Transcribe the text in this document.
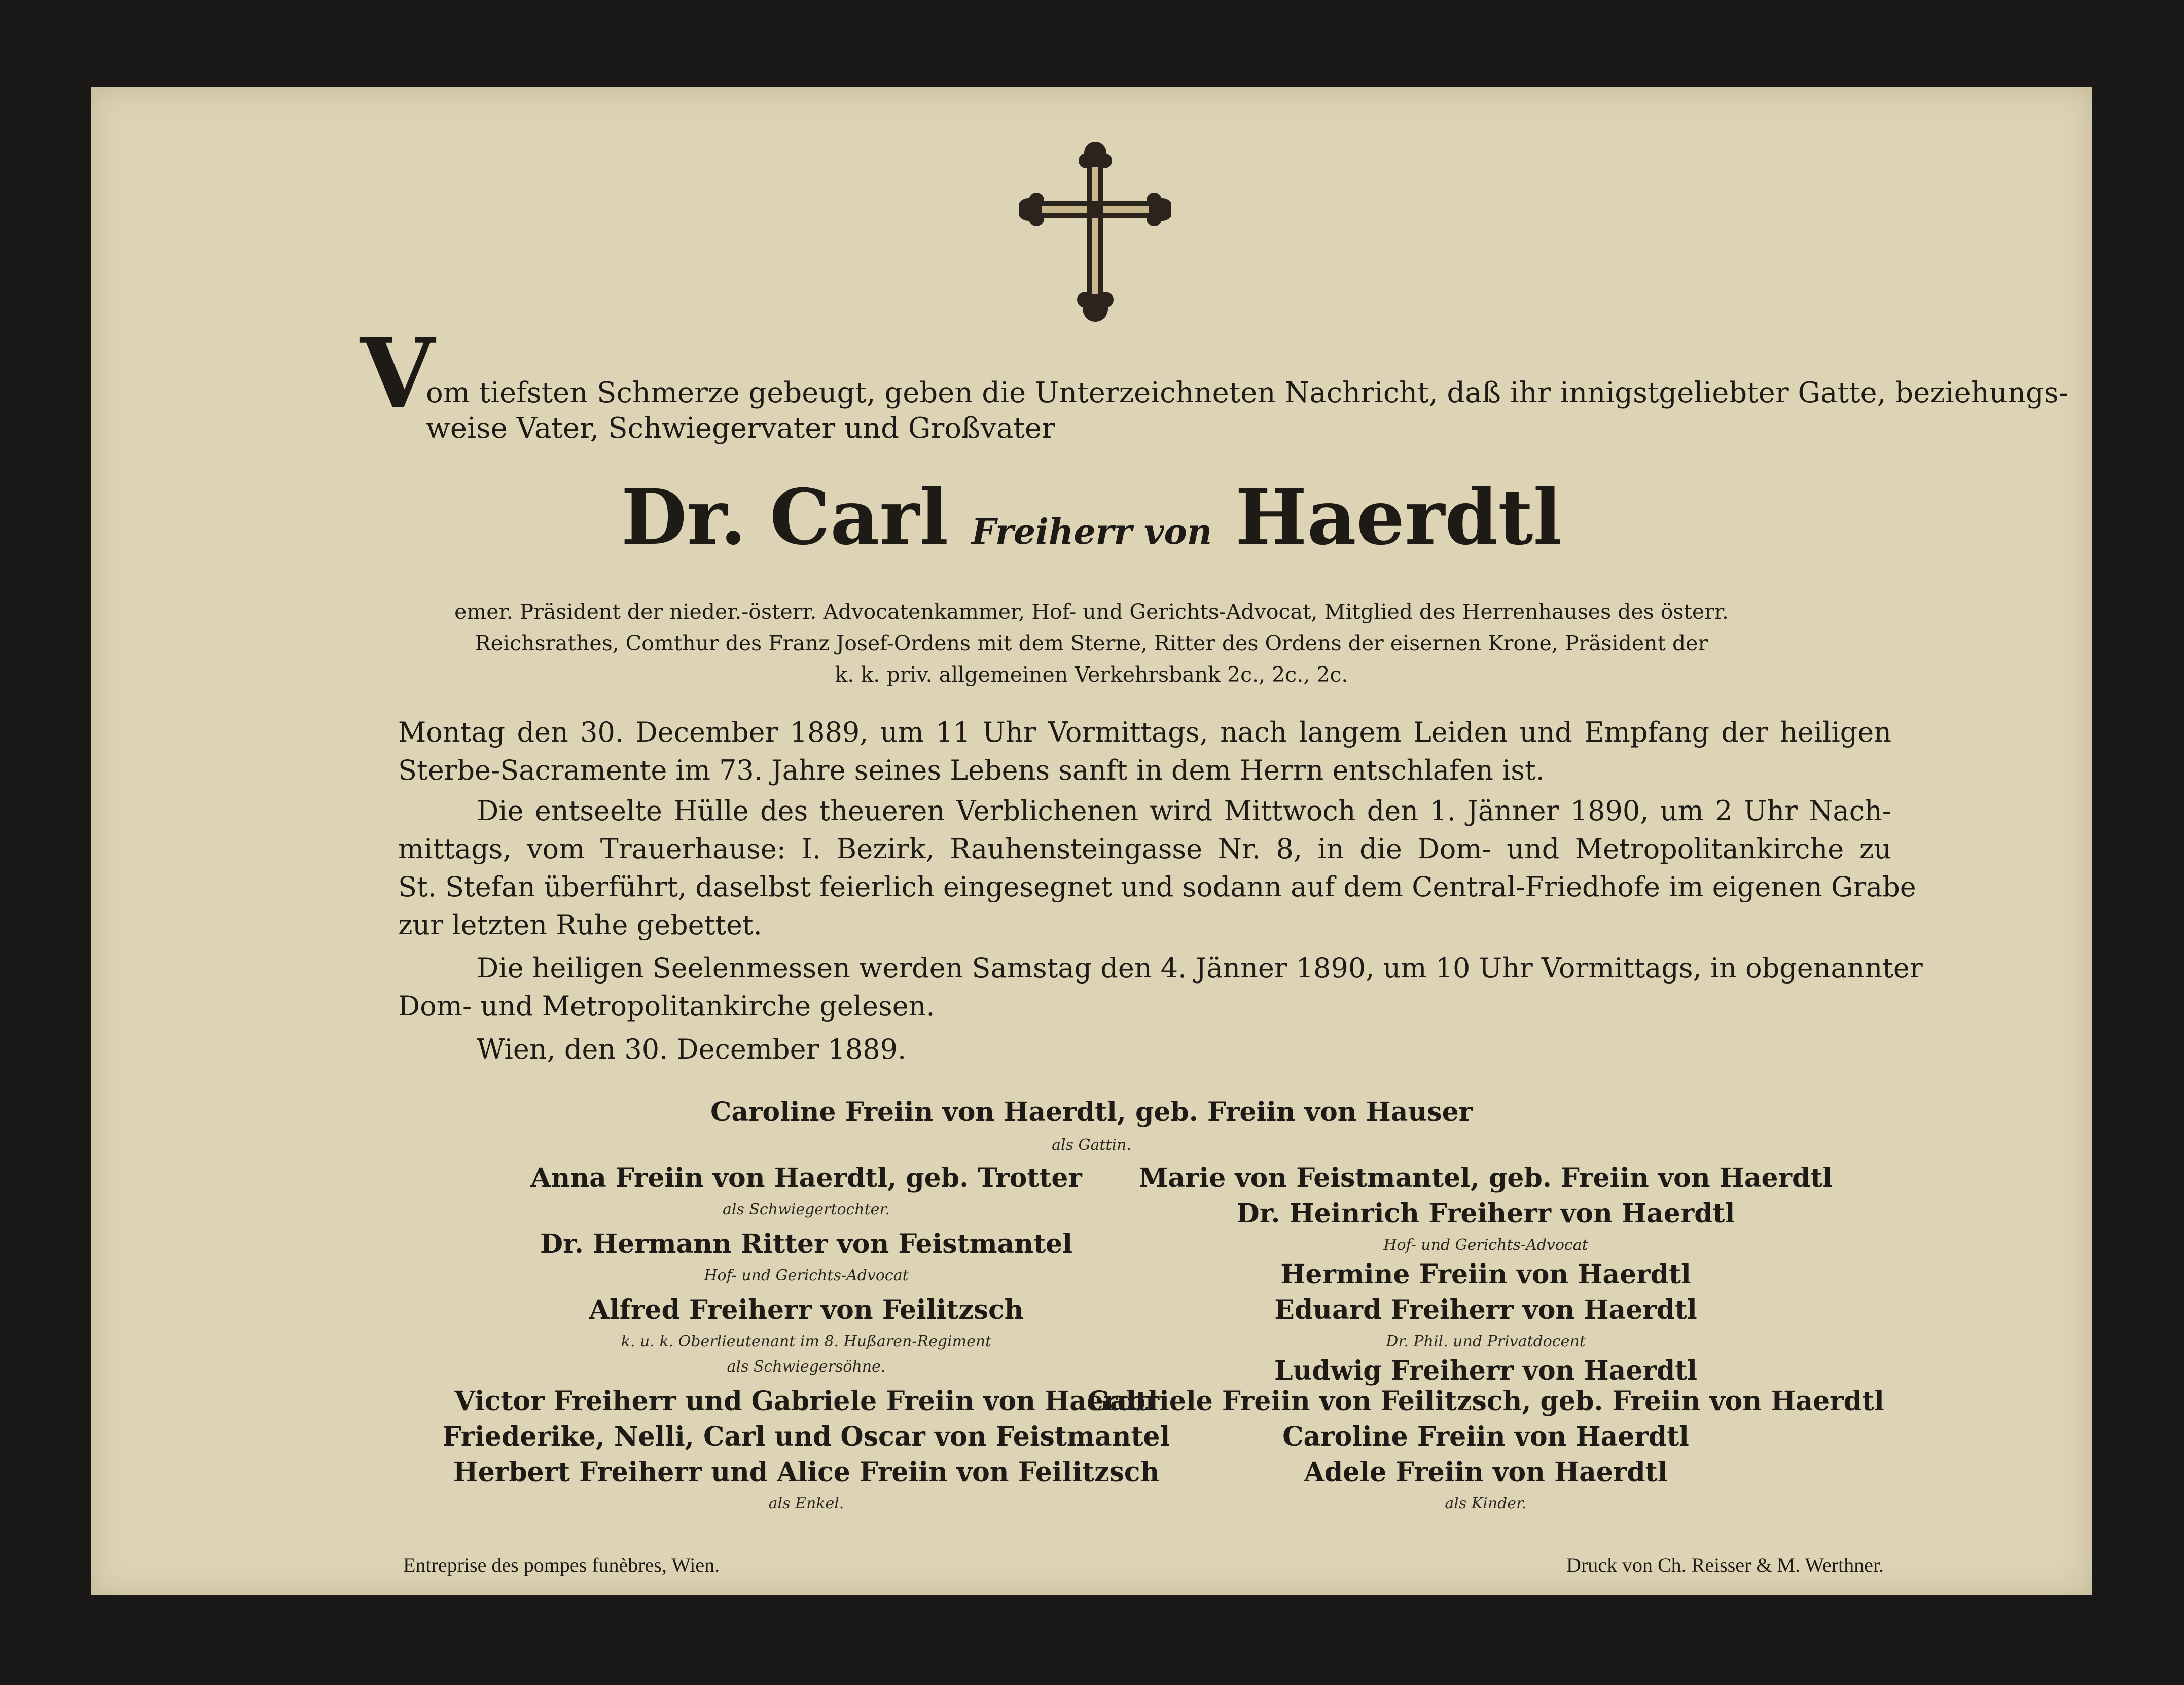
V
om tiefsten Schmerze gebeugt, geben die Unterzeichneten Nachricht, daß ihr innigstgeliebter Gatte, beziehungs-
weise Vater, Schwiegervater und Großvater
Dr. Carl Freiherr von Haerdtl
emer. Präsident der nieder.-österr. Advocatenkammer, Hof- und Gerichts-Advocat, Mitglied des Herrenhauses des österr.
Reichsrathes, Comthur des Franz Josef-Ordens mit dem Sterne, Ritter des Ordens der eisernen Krone, Präsident der
k. k. priv. allgemeinen Verkehrsbank 2c., 2c., 2c.
Montag den 30. December 1889, um 11 Uhr Vormittags, nach langem Leiden und Empfang der heiligen
Sterbe-Sacramente im 73. Jahre seines Lebens sanft in dem Herrn entschlafen ist.
Die entseelte Hülle des theueren Verblichenen wird Mittwoch den 1. Jänner 1890, um 2 Uhr Nach-
mittags, vom Trauerhause: I. Bezirk, Rauhensteingasse Nr. 8, in die Dom- und Metropolitankirche zu
St. Stefan überführt, daselbst feierlich eingesegnet und sodann auf dem Central-Friedhofe im eigenen Grabe
zur letzten Ruhe gebettet.
Die heiligen Seelenmessen werden Samstag den 4. Jänner 1890, um 10 Uhr Vormittags, in obgenannter
Dom- und Metropolitankirche gelesen.
Wien, den 30. December 1889.
Caroline Freiin von Haerdtl, geb. Freiin von Hauser
als Gattin.
Anna Freiin von Haerdtl, geb. Trotter
als Schwiegertochter.
Dr. Hermann Ritter von Feistmantel
Hof- und Gerichts-Advocat
Alfred Freiherr von Feilitzsch
k. u. k. Oberlieutenant im 8. Hußaren-Regiment
als Schwiegersöhne.
Victor Freiherr und Gabriele Freiin von Haerdtl
Friederike, Nelli, Carl und Oscar von Feistmantel
Herbert Freiherr und Alice Freiin von Feilitzsch
als Enkel.
Marie von Feistmantel, geb. Freiin von Haerdtl
Dr. Heinrich Freiherr von Haerdtl
Hof- und Gerichts-Advocat
Hermine Freiin von Haerdtl
Eduard Freiherr von Haerdtl
Dr. Phil. und Privatdocent
Ludwig Freiherr von Haerdtl
Gabriele Freiin von Feilitzsch, geb. Freiin von Haerdtl
Caroline Freiin von Haerdtl
Adele Freiin von Haerdtl
als Kinder.
Entreprise des pompes funèbres, Wien.	Druck von Ch. Reisser & M. Werthner.
